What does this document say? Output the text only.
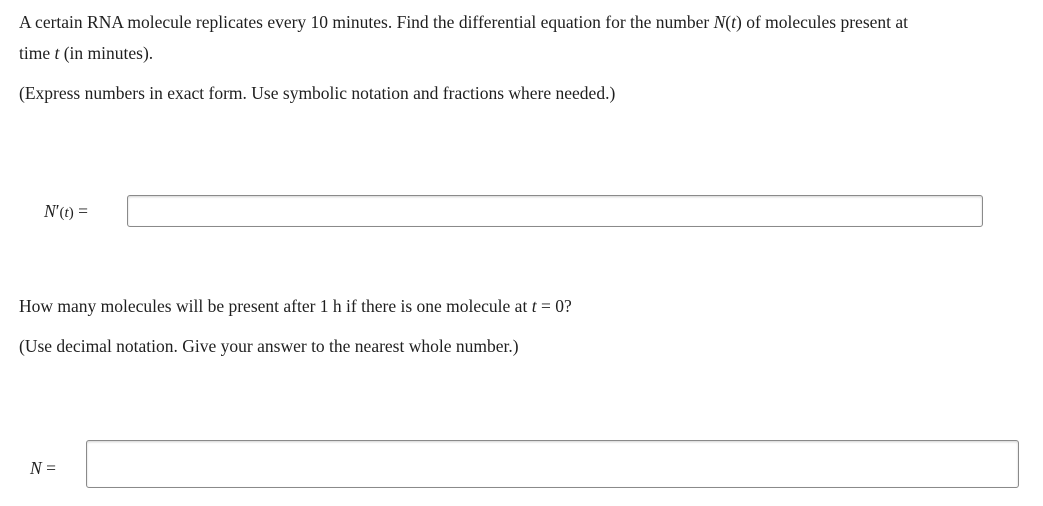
A certain RNA molecule replicates every 10 minutes. Find the differential equation for the number N(t) of molecules present at
time t (in minutes).
(Express numbers in exact form. Use symbolic notation and fractions where needed.)
N′(t) =
How many molecules will be present after 1 h if there is one molecule at t = 0?
(Use decimal notation. Give your answer to the nearest whole number.)
N =
